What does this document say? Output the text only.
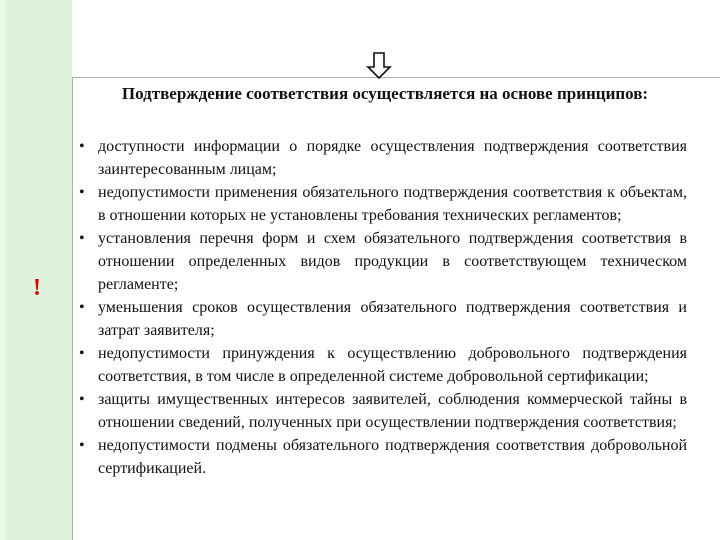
!
Подтверждение соответствия осуществляется на основе принципов:
• доступности информации о порядке осуществления подтверждения соответствия заинтересованным лицам;
• недопустимости применения обязательного подтверждения соответствия к объектам, в отношении которых не установлены требования технических регламентов;
• установления перечня форм и схем обязательного подтверждения соответствия в отношении определенных видов продукции в соответствующем техническом регламенте;
• уменьшения сроков осуществления обязательного подтверждения соответствия и затрат заявителя;
• недопустимости принуждения к осуществлению добровольного подтверждения соответствия, в том числе в определенной системе добровольной сертификации;
• защиты имущественных интересов заявителей, соблюдения коммерческой тайны в отношении сведений, полученных при осуществлении подтверждения соответствия;
• недопустимости подмены обязательного подтверждения соответствия добровольной сертификацией.
